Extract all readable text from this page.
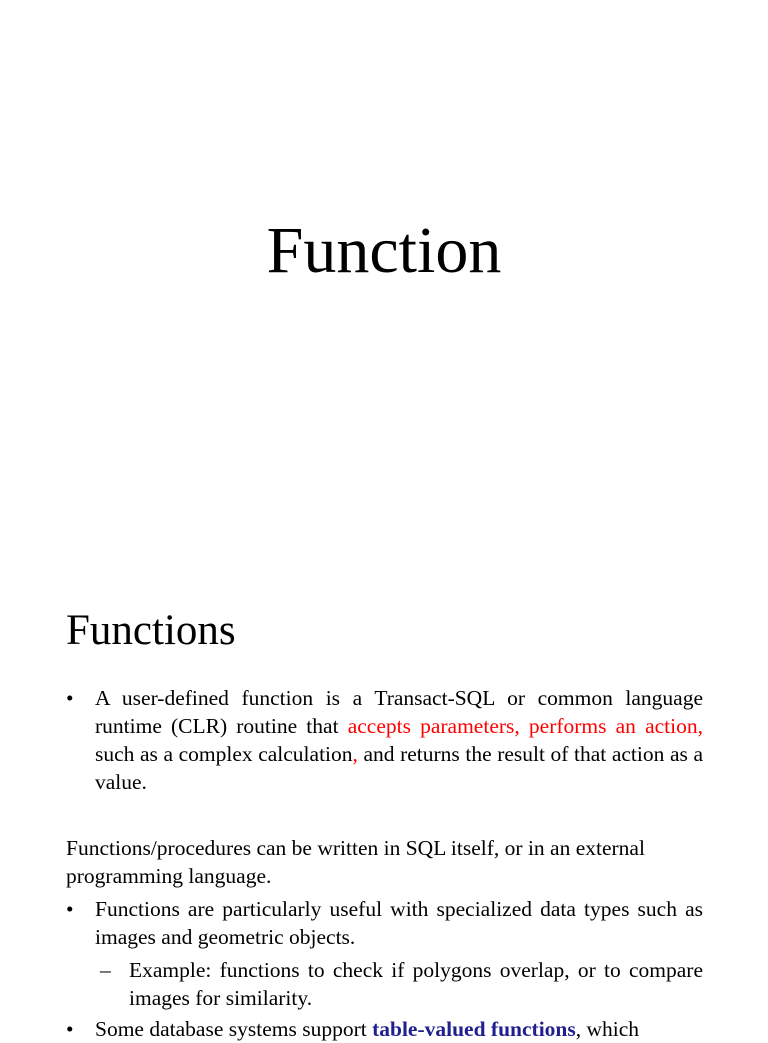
Function
Functions
• A user-defined function is a Transact-SQL or common language runtime (CLR) routine that accepts parameters, performs an action, such as a complex calculation, and returns the result of that action as a value.
Functions/procedures can be written in SQL itself, or in an external programming language.
• Functions are particularly useful with specialized data types such as images and geometric objects.
– Example: functions to check if polygons overlap, or to compare images for similarity.
• Some database systems support table-valued functions, which
